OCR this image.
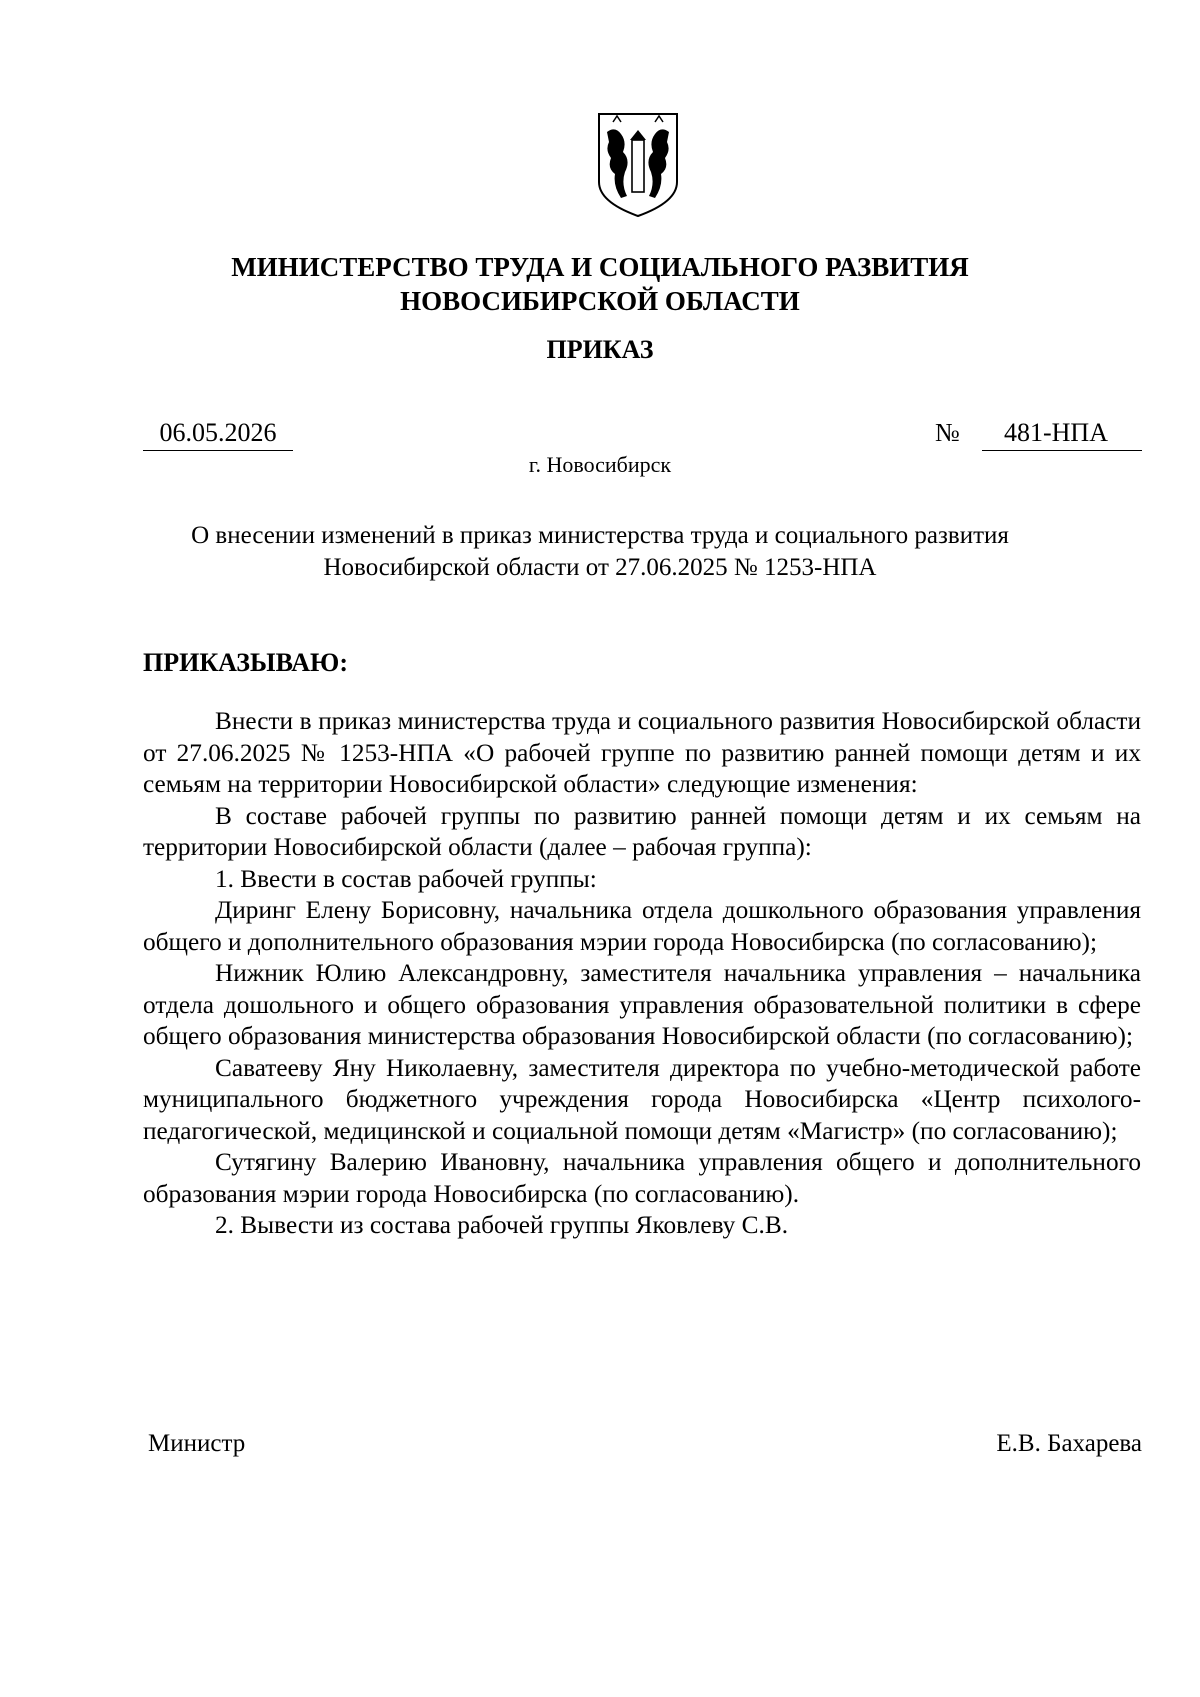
МИНИСТЕРСТВО ТРУДА И СОЦИАЛЬНОГО РАЗВИТИЯ
НОВОСИБИРСКОЙ ОБЛАСТИ
ПРИКАЗ
06.05.2026	№	481-НПА
г. Новосибирск
О внесении изменений в приказ министерства труда и социального развития
Новосибирской области от 27.06.2025 № 1253-НПА
ПРИКАЗЫВАЮ:

Внести в приказ министерства труда и социального развития Новосибирской области от 27.06.2025 № 1253-НПА «О рабочей группе по развитию ранней помощи детям и их семьям на территории Новосибирской области» следующие изменения:

В составе рабочей группы по развитию ранней помощи детям и их семьям на территории Новосибирской области (далее – рабочая группа):

1. Ввести в состав рабочей группы:

Диринг Елену Борисовну, начальника отдела дошкольного образования управления общего и дополнительного образования мэрии города Новосибирска (по согласованию);

Нижник Юлию Александровну, заместителя начальника управления – начальника отдела дошольного и общего образования управления образовательной политики в сфере общего образования министерства образования Новосибирской области (по согласованию);

Саватееву Яну Николаевну, заместителя директора по учебно-методической работе муниципального бюджетного учреждения города Новосибирска «Центр психолого-педагогической, медицинской и социальной помощи детям «Магистр» (по согласованию);

Сутягину Валерию Ивановну, начальника управления общего и дополнительного образования мэрии города Новосибирска (по согласованию).

2. Вывести из состава рабочей группы Яковлеву С.В.

Министр	Е.В. Бахарева
